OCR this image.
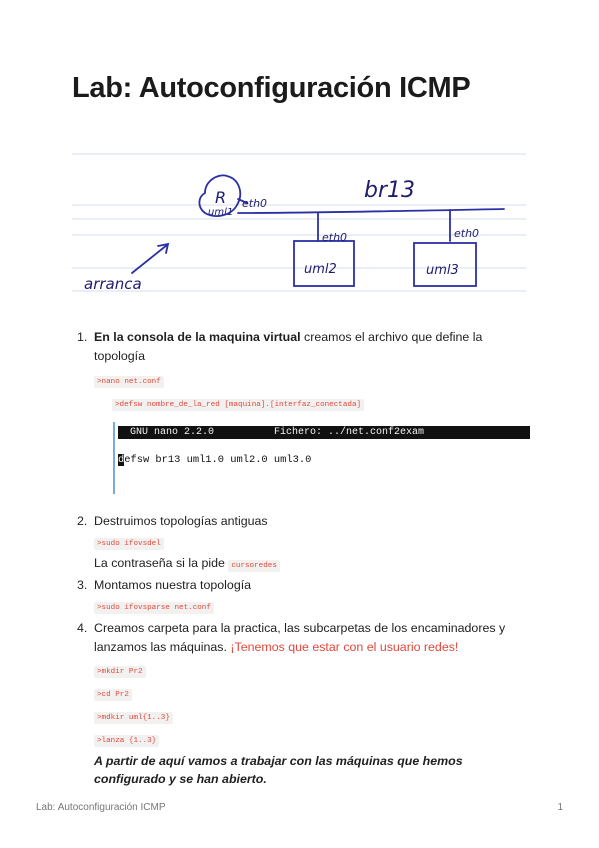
Lab: Autoconfiguración ICMP
br13
R
uml1
eth0
eth0	eth0
uml2	uml3
arranca
1. En la consola de la maquina virtual creamos el archivo que define la topología
>nano net.conf
>defsw nombre_de_la_red [maquina].[interfaz_conectada]
GNU nano 2.2.0          Fichero: ../net.conf2exam
defsw br13 uml1.0 uml2.0 uml3.0
2. Destruimos topologías antiguas
>sudo ifovsdel
La contraseña si la pide cursoredes
3. Montamos nuestra topología
>sudo ifovsparse net.conf
4. Creamos carpeta para la practica, las subcarpetas de los encaminadores y lanzamos las máquinas. ¡Tenemos que estar con el usuario redes!
>mkdir Pr2
>cd Pr2
>mdkir uml{1..3}
>lanza {1..3}
A partir de aquí vamos a trabajar con las máquinas que hemos configurado y se han abierto.
Lab: Autoconfiguración ICMP	1
